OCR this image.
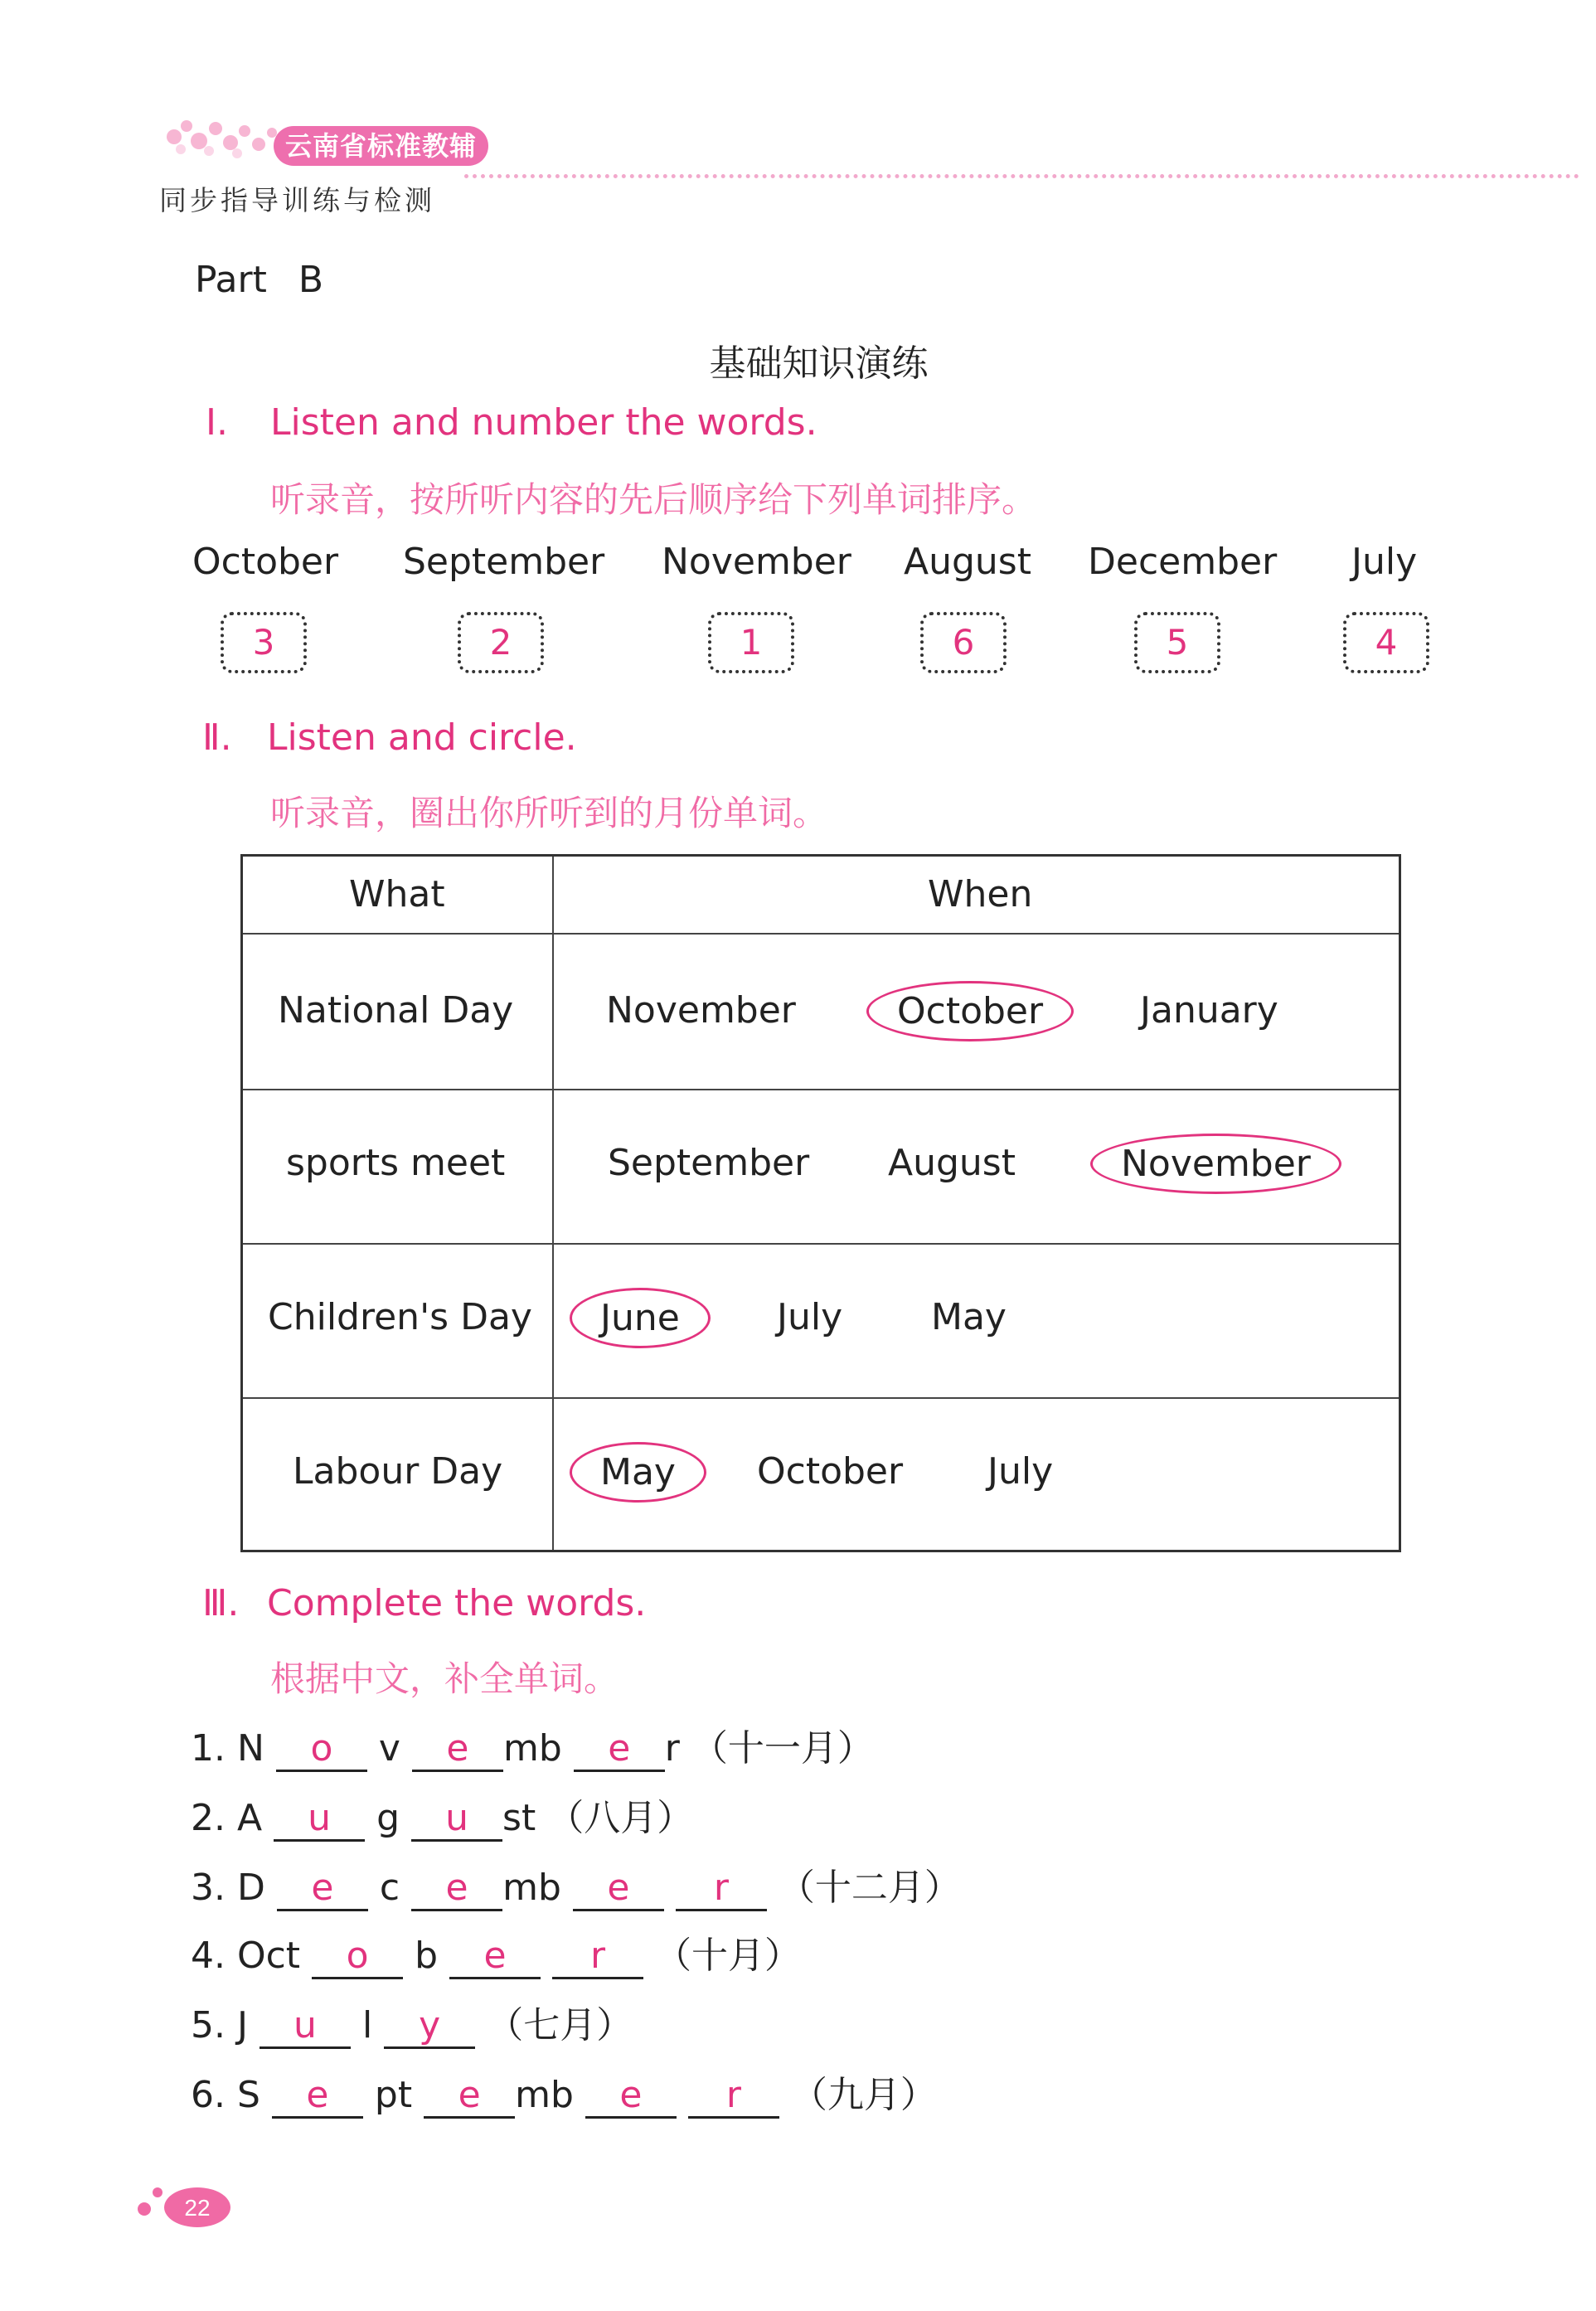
云南省标准教辅
同步指导训练与检测
Part B
基础知识演练
Ⅰ. Listen and number the words.
听录音，按所听内容的先后顺序给下列单词排序。
October September November August December July
3	2	1	6	5	4
Ⅱ. Listen and circle.
听录音，圈出你所听到的月份单词。
What	When
National Day	November	October	January
sports meet	September August	November
Children's Day	June	July May
Labour Day	May	October July
Ⅲ. Complete the words.
根据中文，补全单词。
1. N o v e mb e r （十一月）
2. A u g u st （八月）
3. D e c e mb e r （十二月）
4. Oct o b e r （十月）
5. J u l y （七月）
6. S e pt e mb e r （九月）
22
